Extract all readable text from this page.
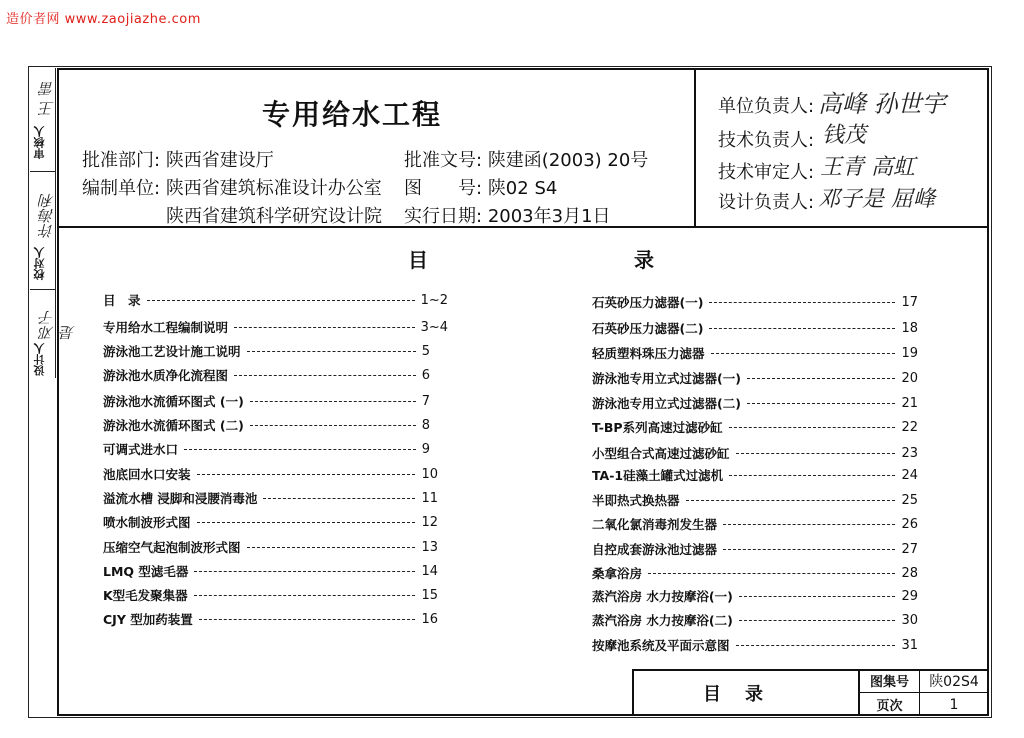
造价者网 www.zaojiazhe.com
审核人
王 雷
校对人
许海利
设计人
邓子 是
专用给水工程
批准部门: 陕西省建设厅
编制单位: 陕西省建筑标准设计办公室
陕西省建筑科学研究设计院
批准文号: 陕建函(2003) 20号
图　　号: 陕02 S4
实行日期: 2003年3月1日
单位负责人: 高峰 孙世宇
技术负责人: 钱茂
技术审定人: 王青 高虹
设计负责人: 邓子是 屈峰
目	录
目　录	1~2
专用给水工程编制说明	3~4
游泳池工艺设计施工说明	5
游泳池水质净化流程图	6
游泳池水流循环图式 (一)	7
游泳池水流循环图式 (二)	8
可调式进水口	9
池底回水口安装	10
溢流水槽 浸脚和浸腰消毒池	11
喷水制波形式图	12
压缩空气起泡制波形式图	13
LMQ 型滤毛器	14
K型毛发聚集器	15
CJY 型加药装置	16
石英砂压力滤器(一)	17
石英砂压力滤器(二)	18
轻质塑料珠压力滤器	19
游泳池专用立式过滤器(一)	20
游泳池专用立式过滤器(二)	21
T-BP系列高速过滤砂缸	22
小型组合式高速过滤砂缸	23
TA-1硅藻土罐式过滤机	24
半即热式换热器	25
二氧化氯消毒剂发生器	26
自控成套游泳池过滤器	27
桑拿浴房	28
蒸汽浴房 水力按摩浴(一)	29
蒸汽浴房 水力按摩浴(二)	30
按摩池系统及平面示意图	31
目录
图集号	陕02S4
页次	1
